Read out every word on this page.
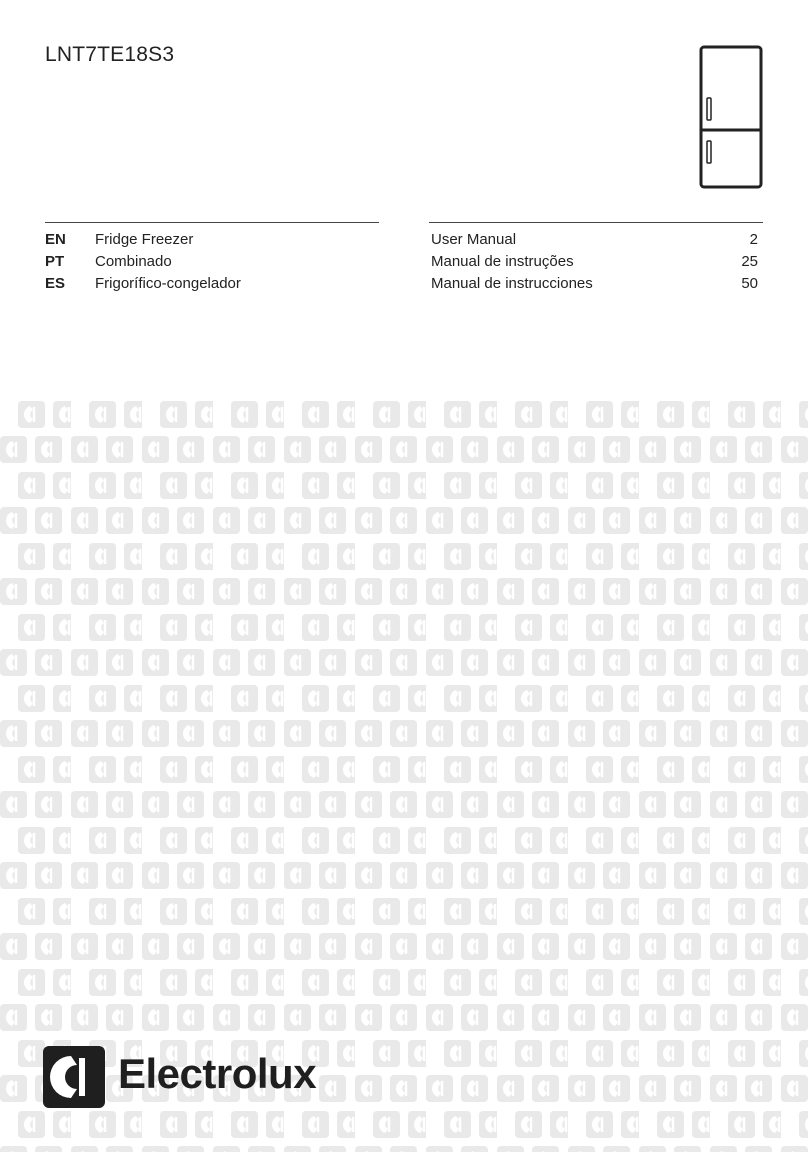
LNT7TE18S3
EN Fridge Freezer	User Manual	2
PT Combinado	Manual de instruções	25
ES Frigorífico-congelador	Manual de instrucciones	50
Electrolux
